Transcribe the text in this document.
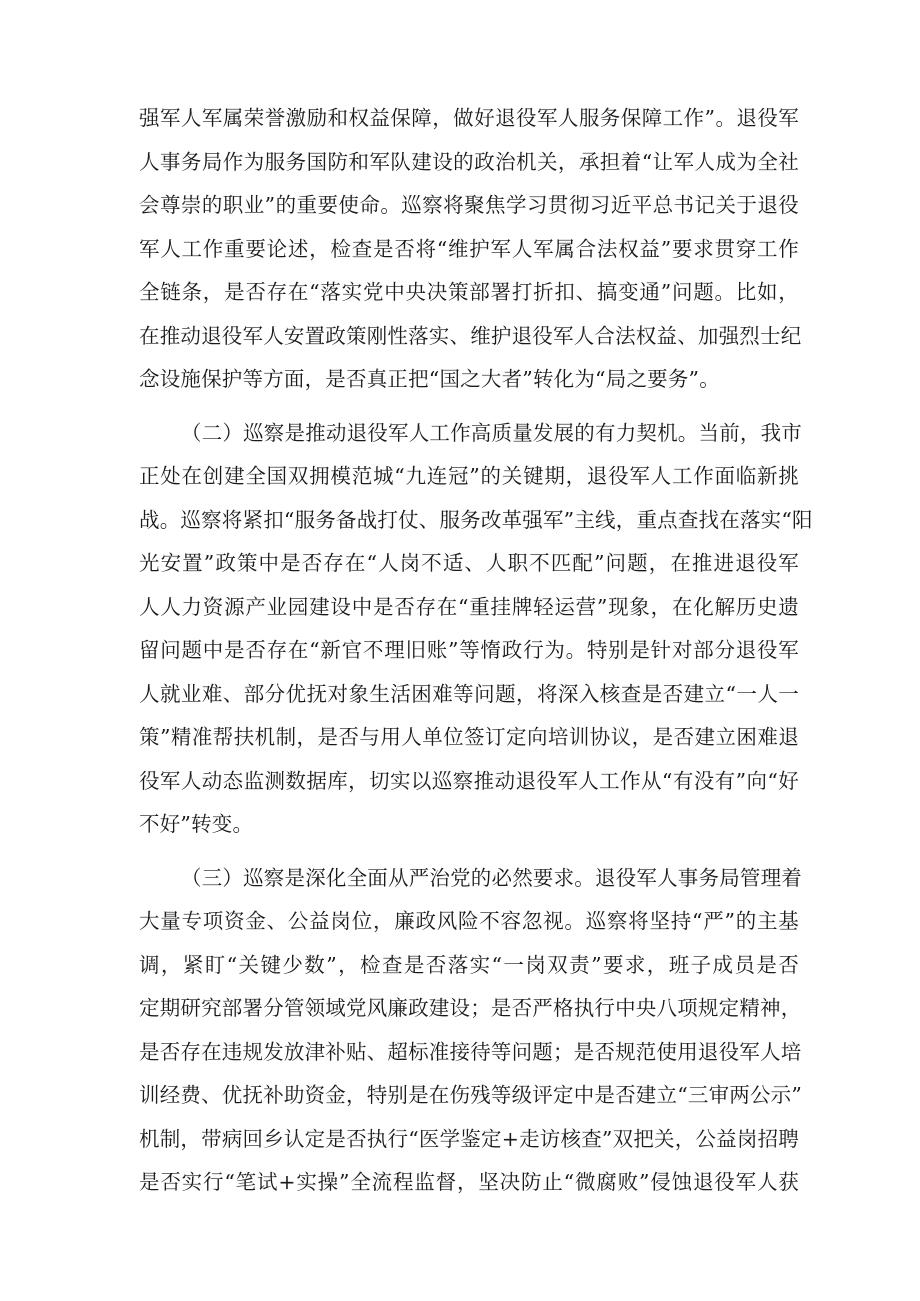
强军人军属荣誉激励和权益保障，做好退役军人服务保障工作”。退役军
人事务局作为服务国防和军队建设的政治机关，承担着“让军人成为全社
会尊崇的职业”的重要使命。巡察将聚焦学习贯彻习近平总书记关于退役
军人工作重要论述，检查是否将“维护军人军属合法权益”要求贯穿工作
全链条，是否存在“落实党中央决策部署打折扣、搞变通”问题。比如，
在推动退役军人安置政策刚性落实、维护退役军人合法权益、加强烈士纪
念设施保护等方面，是否真正把“国之大者”转化为“局之要务”。
（二）巡察是推动退役军人工作高质量发展的有力契机。当前，我市
正处在创建全国双拥模范城“九连冠”的关键期，退役军人工作面临新挑
战。巡察将紧扣“服务备战打仗、服务改革强军”主线，重点查找在落实“阳
光安置”政策中是否存在“人岗不适、人职不匹配”问题，在推进退役军
人人力资源产业园建设中是否存在“重挂牌轻运营”现象，在化解历史遗
留问题中是否存在“新官不理旧账”等惰政行为。特别是针对部分退役军
人就业难、部分优抚对象生活困难等问题，将深入核查是否建立“一人一
策”精准帮扶机制，是否与用人单位签订定向培训协议，是否建立困难退
役军人动态监测数据库，切实以巡察推动退役军人工作从“有没有”向“好
不好”转变。
（三）巡察是深化全面从严治党的必然要求。退役军人事务局管理着
大量专项资金、公益岗位，廉政风险不容忽视。巡察将坚持“严”的主基
调，紧盯“关键少数”，检查是否落实“一岗双责”要求，班子成员是否
定期研究部署分管领域党风廉政建设；是否严格执行中央八项规定精神，
是否存在违规发放津补贴、超标准接待等问题；是否规范使用退役军人培
训经费、优抚补助资金，特别是在伤残等级评定中是否建立“三审两公示”
机制，带病回乡认定是否执行“医学鉴定+走访核查”双把关，公益岗招聘
是否实行“笔试+实操”全流程监督，坚决防止“微腐败”侵蚀退役军人获
